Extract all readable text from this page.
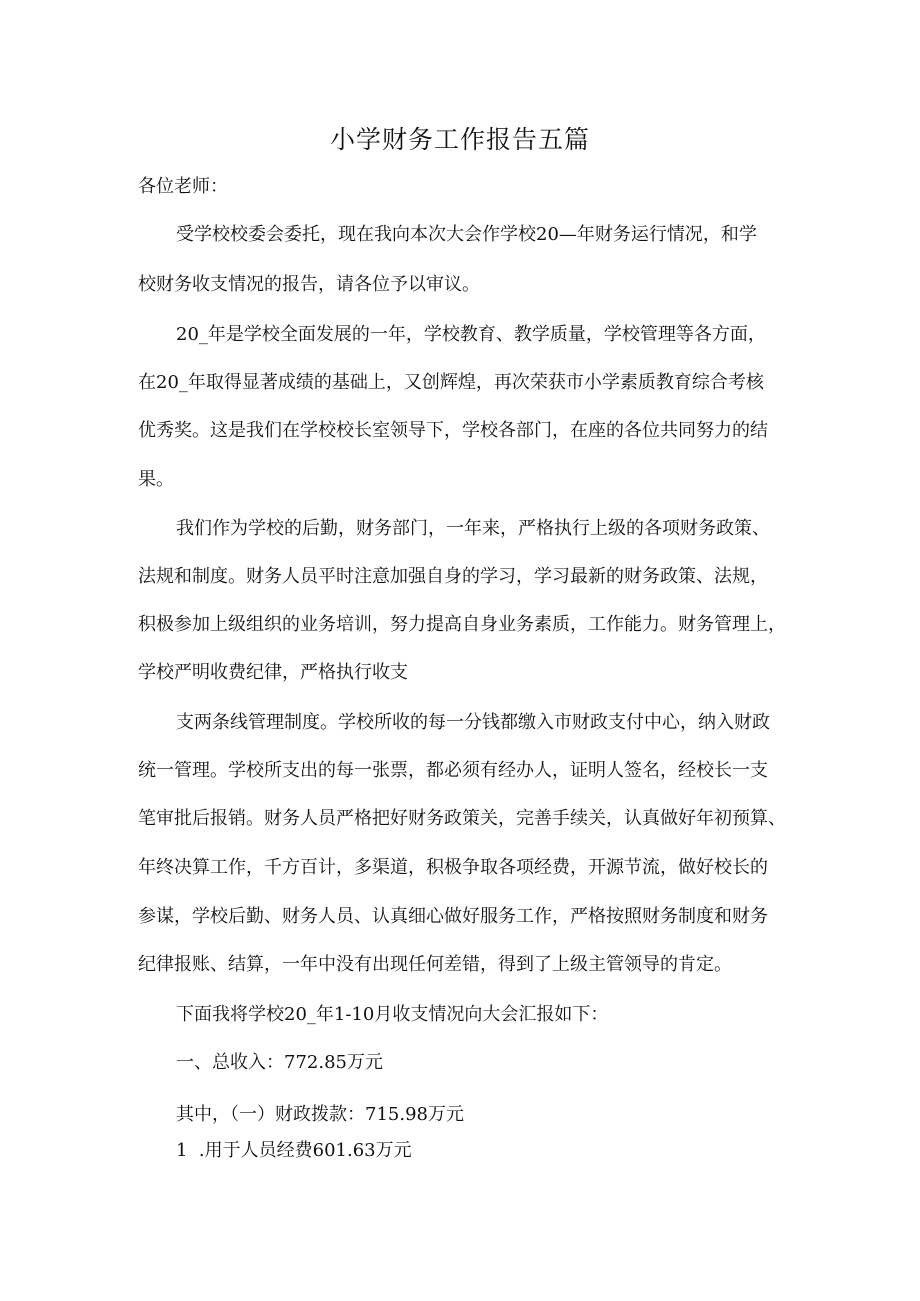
小学财务工作报告五篇
各位老师：
受学校校委会委托，现在我向本次大会作学校20—年财务运行情况，和学
校财务收支情况的报告，请各位予以审议。
20_年是学校全面发展的一年，学校教育、教学质量，学校管理等各方面，
在20_年取得显著成绩的基础上，又创辉煌，再次荣获市小学素质教育综合考核
优秀奖。这是我们在学校校长室领导下，学校各部门，在座的各位共同努力的结
果。
我们作为学校的后勤，财务部门，一年来，严格执行上级的各项财务政策、
法规和制度。财务人员平时注意加强自身的学习，学习最新的财务政策、法规，
积极参加上级组织的业务培训，努力提高自身业务素质，工作能力。财务管理上，
学校严明收费纪律，严格执行收支
支两条线管理制度。学校所收的每一分钱都缴入市财政支付中心，纳入财政
统一管理。学校所支出的每一张票，都必须有经办人，证明人签名，经校长一支
笔审批后报销。财务人员严格把好财务政策关，完善手续关，认真做好年初预算、
年终决算工作，千方百计，多渠道，积极争取各项经费，开源节流，做好校长的
参谋，学校后勤、财务人员、认真细心做好服务工作，严格按照财务制度和财务
纪律报账、结算，一年中没有出现任何差错，得到了上级主管领导的肯定。
下面我将学校20_年1-10月收支情况向大会汇报如下：
一、总收入：772.85万元
其中，（一）财政拨款：715.98万元
1  .用于人员经费601.63万元
